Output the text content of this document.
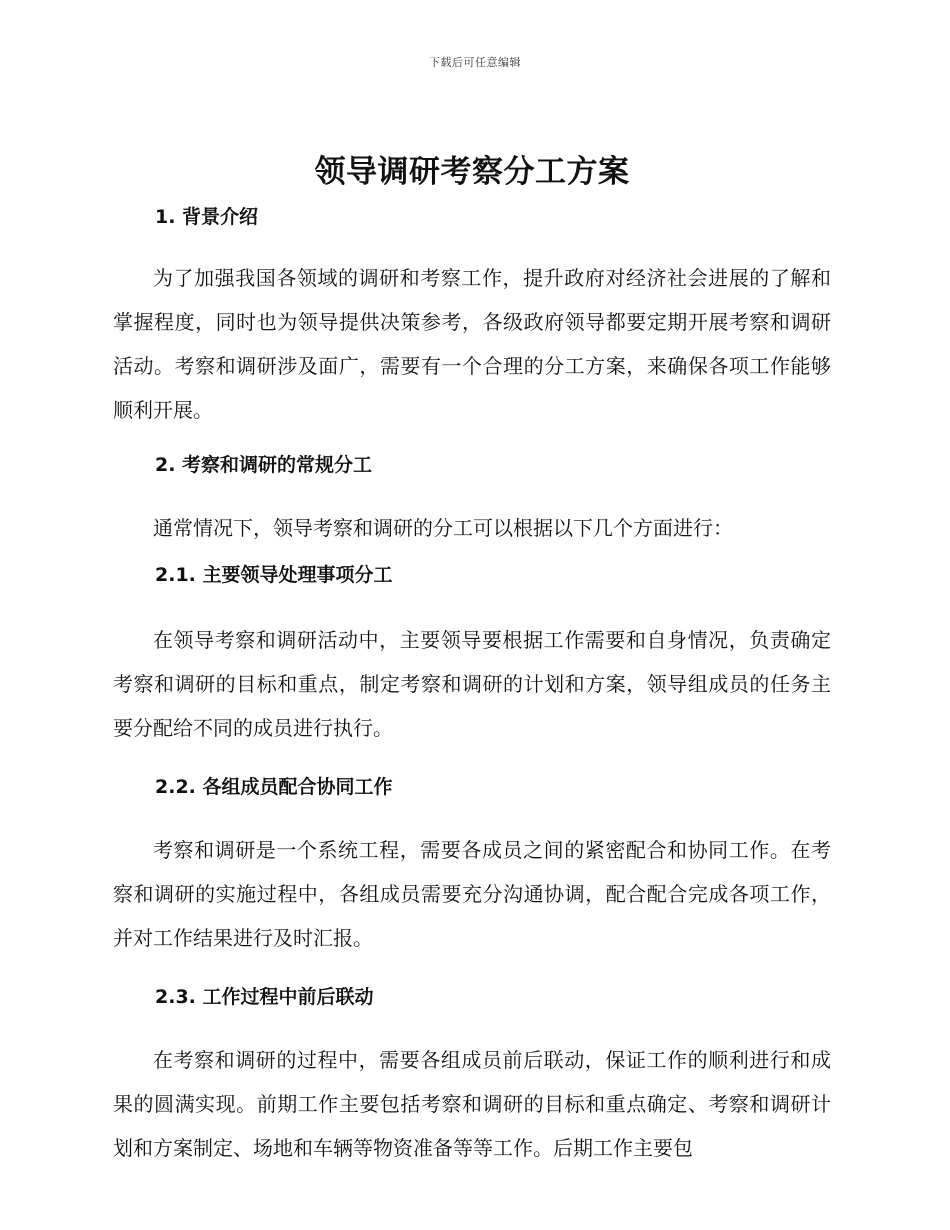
下载后可任意编辑
领导调研考察分工方案
1. 背景介绍

为了加强我国各领域的调研和考察工作，提升政府对经济社会进展的了解和掌握程度，同时也为领导提供决策参考，各级政府领导都要定期开展考察和调研活动。考察和调研涉及面广，需要有一个合理的分工方案，来确保各项工作能够顺利开展。

2. 考察和调研的常规分工

通常情况下，领导考察和调研的分工可以根据以下几个方面进行：

2.1. 主要领导处理事项分工

在领导考察和调研活动中，主要领导要根据工作需要和自身情况，负责确定考察和调研的目标和重点，制定考察和调研的计划和方案，领导组成员的任务主要分配给不同的成员进行执行。

2.2. 各组成员配合协同工作

考察和调研是一个系统工程，需要各成员之间的紧密配合和协同工作。在考察和调研的实施过程中，各组成员需要充分沟通协调，配合配合完成各项工作，并对工作结果进行及时汇报。

2.3. 工作过程中前后联动

在考察和调研的过程中，需要各组成员前后联动，保证工作的顺利进行和成果的圆满实现。前期工作主要包括考察和调研的目标和重点确定、考察和调研计划和方案制定、场地和车辆等物资准备等等工作。后期工作主要包
